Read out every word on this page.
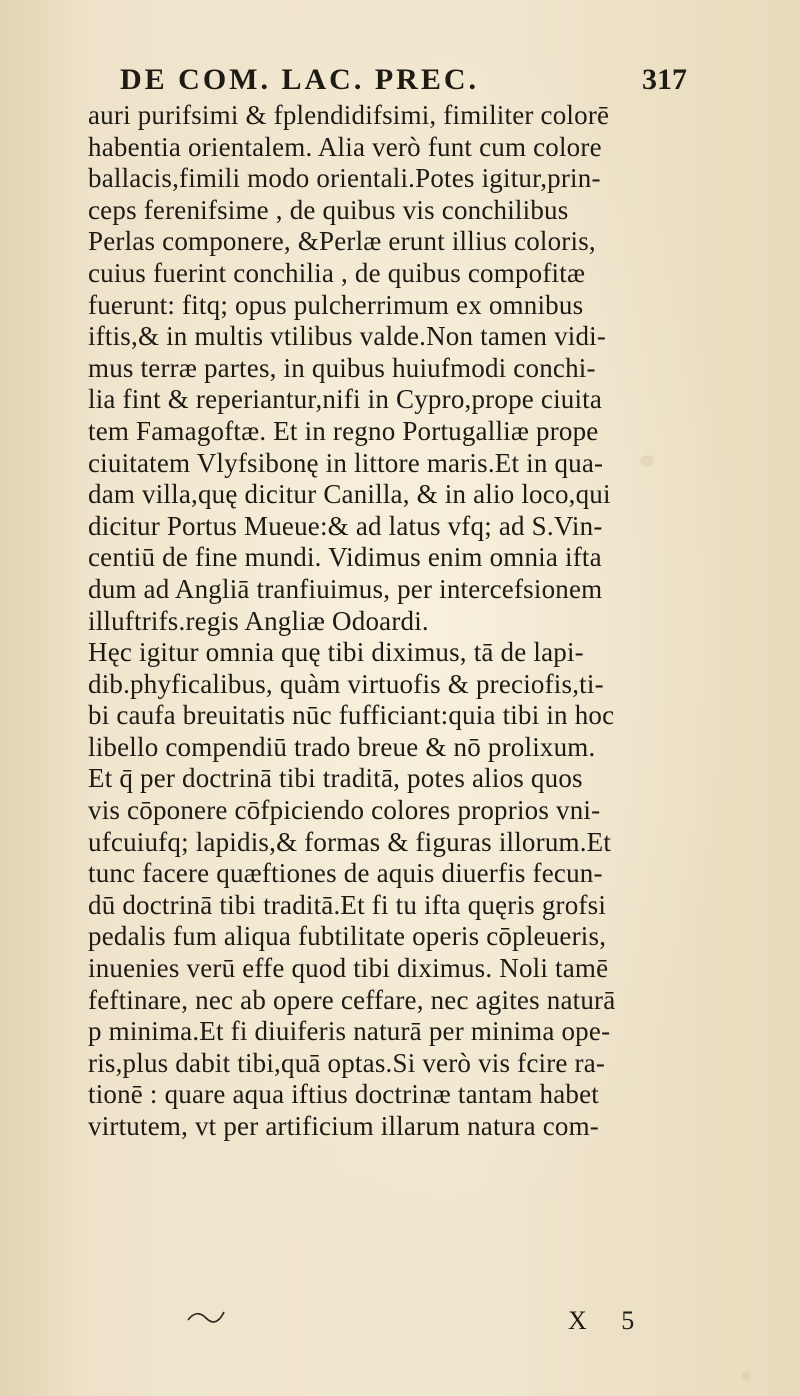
DE COM. LAC. PREC.	317
auri purifsimi & fplendidifsimi, fimiliter colorē
habentia orientalem. Alia verò funt cum colore
ballacis,fimili modo orientali.Potes igitur,prin-
ceps ferenifsime , de quibus vis conchilibus
Perlas componere, &Perlæ erunt illius coloris,
cuius fuerint conchilia , de quibus compofitæ
fuerunt: fitq; opus pulcherrimum ex omnibus
iftis,& in multis vtilibus valde.Non tamen vidi-
mus terræ partes, in quibus huiufmodi conchi-
lia fint & reperiantur,nifi in Cypro,prope ciuita
tem Famagoftæ. Et in regno Portugalliæ prope
ciuitatem Vlyfsibonę in littore maris.Et in qua-
dam villa,quę dicitur Canilla, & in alio loco,qui
dicitur Portus Mueue:& ad latus vfq; ad S.Vin-
centiū de fine mundi. Vidimus enim omnia ifta
dum ad Angliā tranfiuimus, per intercefsionem
illuftrifs.regis Angliæ Odoardi.
Hęc igitur omnia quę tibi diximus, tā de lapi-
dib.phyficalibus, quàm virtuofis & preciofis,ti-
bi caufa breuitatis nūc fufficiant:quia tibi in hoc
libello compendiū trado breue & nō prolixum.
Et q̄ per doctrinā tibi traditā, potes alios quos
vis cōponere cōfpiciendo colores proprios vni-
ufcuiufq; lapidis,& formas & figuras illorum.Et
tunc facere quæftiones de aquis diuerfis fecun-
dū doctrinā tibi traditā.Et fi tu ifta quęris grofsi
pedalis fum aliqua fubtilitate operis cōpleueris,
inuenies verū effe quod tibi diximus. Noli tamē
feftinare, nec ab opere ceffare, nec agites naturā
p minima.Et fi diuiferis naturā per minima ope-
ris,plus dabit tibi,quā optas.Si verò vis fcire ra-
tionē : quare aqua iftius doctrinæ tantam habet
virtutem, vt per artificium illarum natura com-
X 5
